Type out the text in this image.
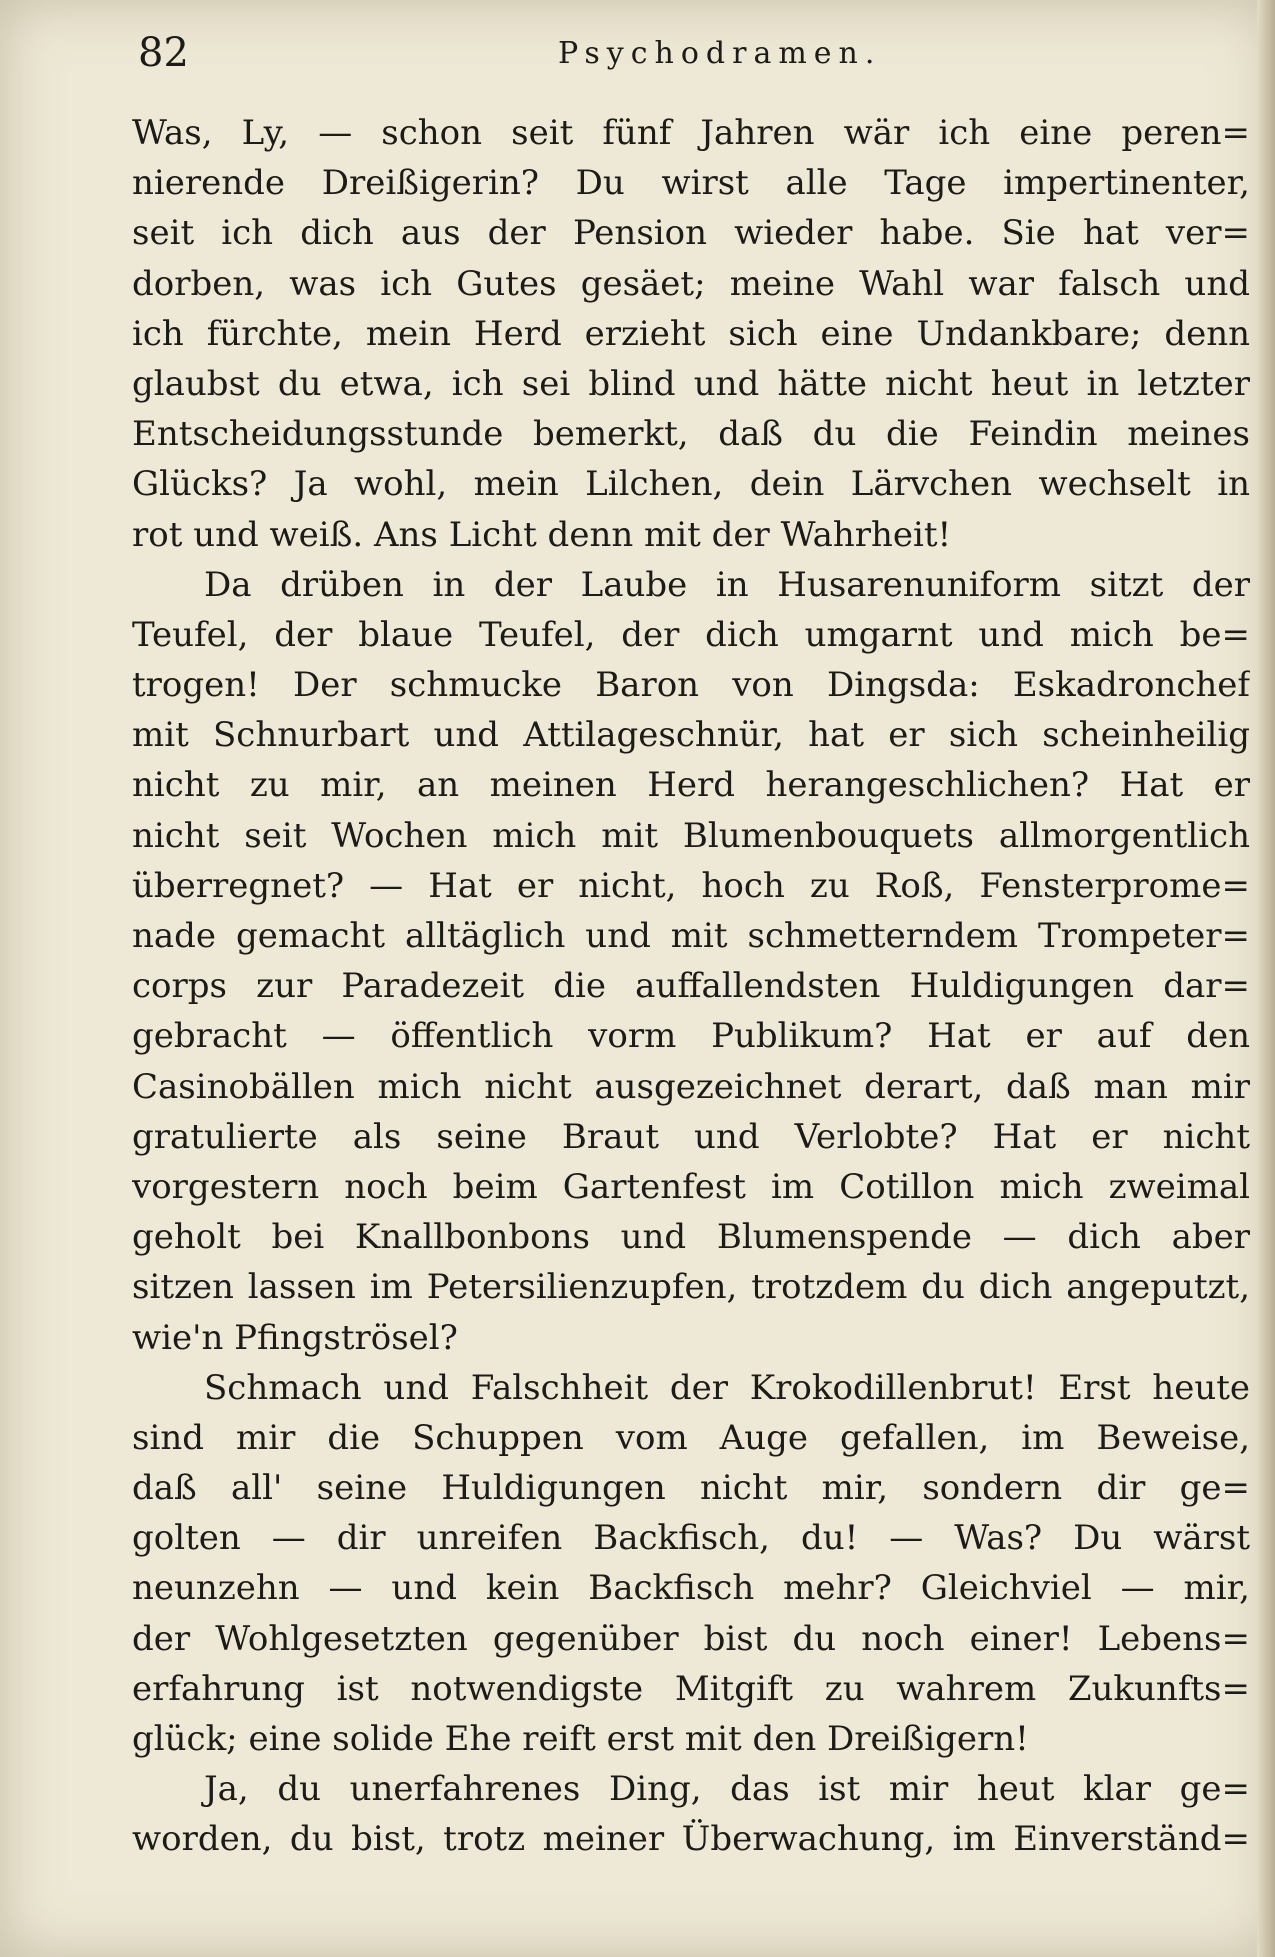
82	Psychodramen.
Was, Ly, — schon seit fünf Jahren wär ich eine peren=
nierende Dreißigerin? Du wirst alle Tage impertinenter,
seit ich dich aus der Pension wieder habe. Sie hat ver=
dorben, was ich Gutes gesäet; meine Wahl war falsch und
ich fürchte, mein Herd erzieht sich eine Undankbare; denn
glaubst du etwa, ich sei blind und hätte nicht heut in letzter
Entscheidungsstunde bemerkt, daß du die Feindin meines
Glücks? Ja wohl, mein Lilchen, dein Lärvchen wechselt in
rot und weiß. Ans Licht denn mit der Wahrheit!
Da drüben in der Laube in Husarenuniform sitzt der
Teufel, der blaue Teufel, der dich umgarnt und mich be=
trogen! Der schmucke Baron von Dingsda: Eskadronchef
mit Schnurbart und Attilageschnür, hat er sich scheinheilig
nicht zu mir, an meinen Herd herangeschlichen? Hat er
nicht seit Wochen mich mit Blumenbouquets allmorgentlich
überregnet? — Hat er nicht, hoch zu Roß, Fensterprome=
nade gemacht alltäglich und mit schmetterndem Trompeter=
corps zur Paradezeit die auffallendsten Huldigungen dar=
gebracht — öffentlich vorm Publikum? Hat er auf den
Casinobällen mich nicht ausgezeichnet derart, daß man mir
gratulierte als seine Braut und Verlobte? Hat er nicht
vorgestern noch beim Gartenfest im Cotillon mich zweimal
geholt bei Knallbonbons und Blumenspende — dich aber
sitzen lassen im Petersilienzupfen, trotzdem du dich angeputzt,
wie'n Pfingströsel?
Schmach und Falschheit der Krokodillenbrut! Erst heute
sind mir die Schuppen vom Auge gefallen, im Beweise,
daß all' seine Huldigungen nicht mir, sondern dir ge=
golten — dir unreifen Backfisch, du! — Was? Du wärst
neunzehn — und kein Backfisch mehr? Gleichviel — mir,
der Wohlgesetzten gegenüber bist du noch einer! Lebens=
erfahrung ist notwendigste Mitgift zu wahrem Zukunfts=
glück; eine solide Ehe reift erst mit den Dreißigern!
Ja, du unerfahrenes Ding, das ist mir heut klar ge=
worden, du bist, trotz meiner Überwachung, im Einverständ=
